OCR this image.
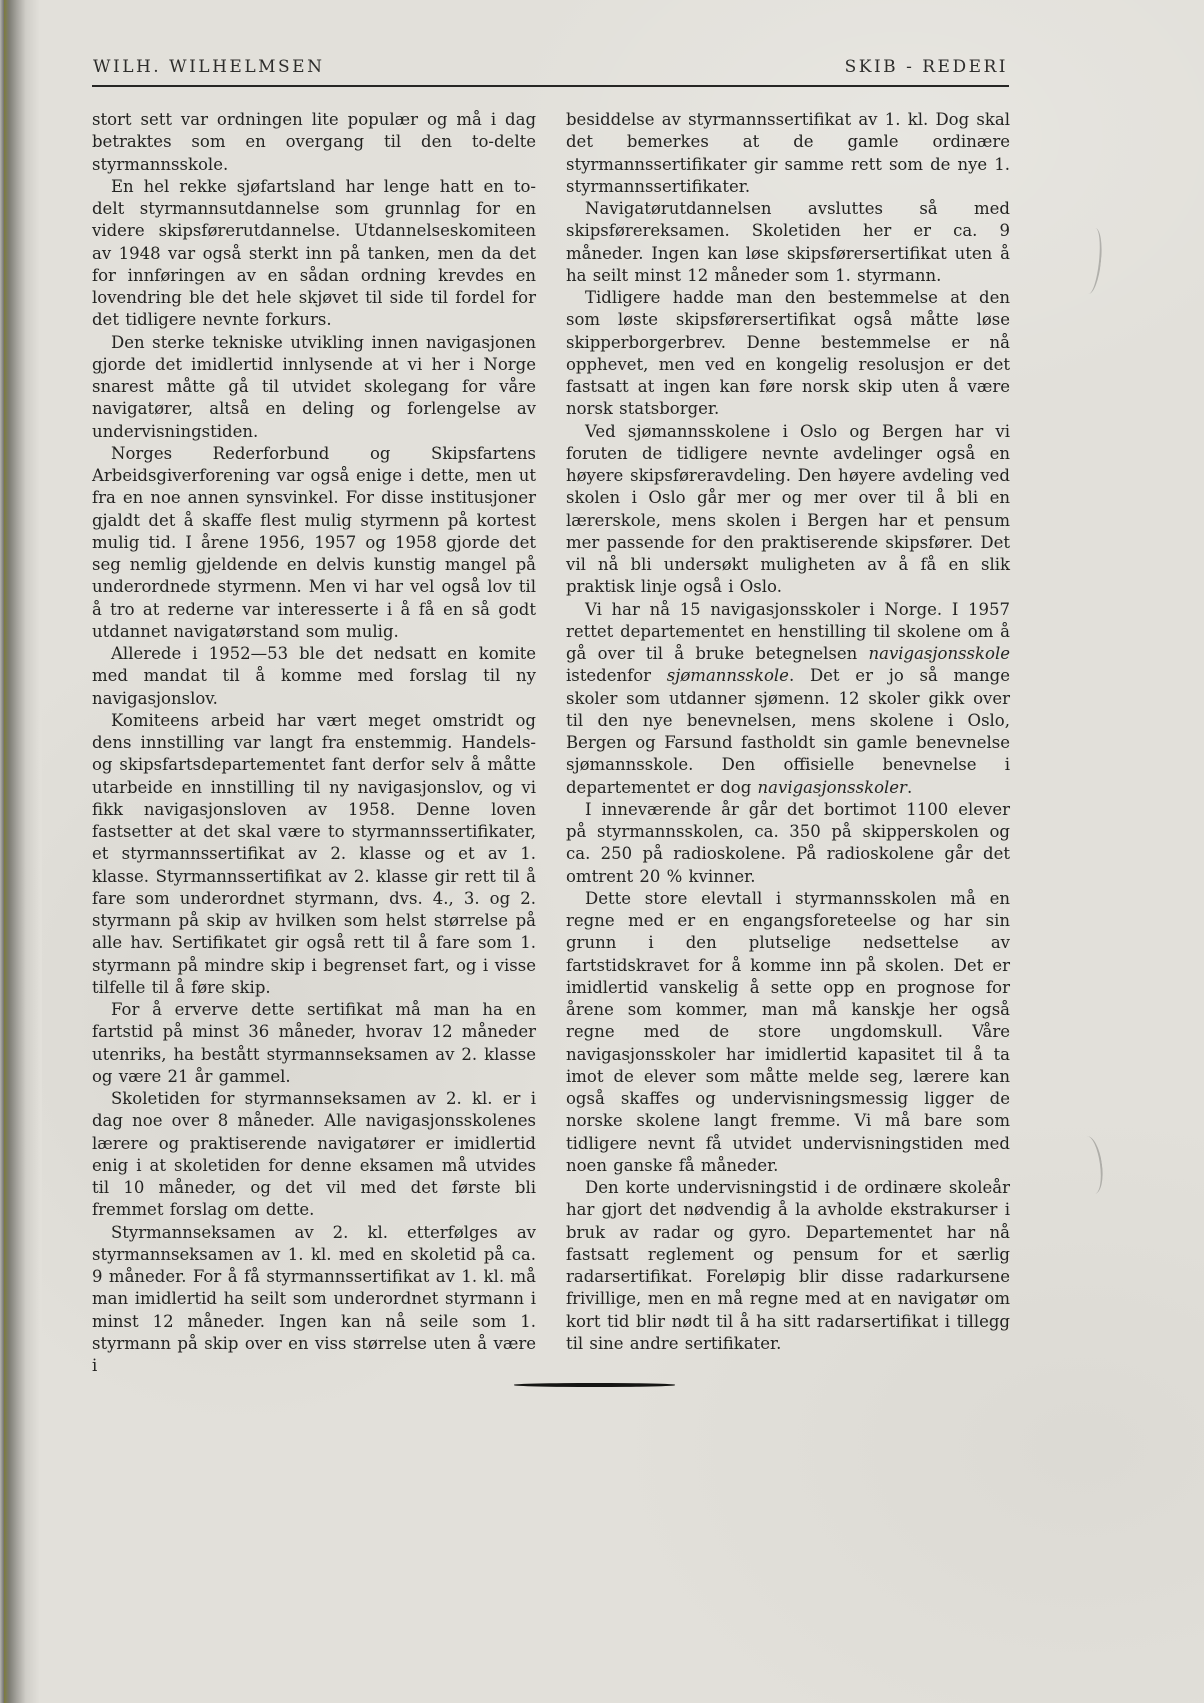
WILH. WILHELMSEN	SKIB - REDERI

stort sett var ordningen lite populær og må i dag betraktes som en overgang til den to-delte styrmannsskole.

En hel rekke sjøfartsland har lenge hatt en to-delt styrmannsutdannelse som grunnlag for en videre skipsførerutdannelse. Utdannelseskomiteen av 1948 var også sterkt inn på tanken, men da det for innføringen av en sådan ordning krevdes en lovendring ble det hele skjøvet til side til fordel for det tidligere nevnte forkurs.

Den sterke tekniske utvikling innen navigasjonen gjorde det imidlertid innlysende at vi her i Norge snarest måtte gå til utvidet skolegang for våre navigatører, altså en deling og forlengelse av undervisningstiden.

Norges Rederforbund og Skipsfartens Arbeidsgiverforening var også enige i dette, men ut fra en noe annen synsvinkel. For disse institusjoner gjaldt det å skaffe flest mulig styrmenn på kortest mulig tid. I årene 1956, 1957 og 1958 gjorde det seg nemlig gjeldende en delvis kunstig mangel på underordnede styrmenn. Men vi har vel også lov til å tro at rederne var interesserte i å få en så godt utdannet navigatørstand som mulig.

Allerede i 1952—53 ble det nedsatt en komite med mandat til å komme med forslag til ny navigasjonslov.

Komiteens arbeid har vært meget omstridt og dens innstilling var langt fra enstemmig. Handels- og skipsfartsdepartementet fant derfor selv å måtte utarbeide en innstilling til ny navigasjonslov, og vi fikk navigasjonsloven av 1958. Denne loven fastsetter at det skal være to styrmannssertifikater, et styrmannssertifikat av 2. klasse og et av 1. klasse. Styrmannssertifikat av 2. klasse gir rett til å fare som underordnet styrmann, dvs. 4., 3. og 2. styrmann på skip av hvilken som helst størrelse på alle hav. Sertifikatet gir også rett til å fare som 1. styrmann på mindre skip i begrenset fart, og i visse tilfelle til å føre skip.

For å erverve dette sertifikat må man ha en fartstid på minst 36 måneder, hvorav 12 måneder utenriks, ha bestått styrmannseksamen av 2. klasse og være 21 år gammel.

Skoletiden for styrmannseksamen av 2. kl. er i dag noe over 8 måneder. Alle navigasjonsskolenes lærere og praktiserende navigatører er imidlertid enig i at skoletiden for denne eksamen må utvides til 10 måneder, og det vil med det første bli fremmet forslag om dette.

Styrmannseksamen av 2. kl. etterfølges av styrmannseksamen av 1. kl. med en skoletid på ca. 9 måneder. For å få styrmannssertifikat av 1. kl. må man imidlertid ha seilt som underordnet styrmann i minst 12 måneder. Ingen kan nå seile som 1. styrmann på skip over en viss størrelse uten å være i

besiddelse av styrmannssertifikat av 1. kl. Dog skal det bemerkes at de gamle ordinære styrmannssertifikater gir samme rett som de nye 1. styrmannssertifikater.

Navigatørutdannelsen avsluttes så med skipsførereksamen. Skoletiden her er ca. 9 måneder. Ingen kan løse skipsførersertifikat uten å ha seilt minst 12 måneder som 1. styrmann.

Tidligere hadde man den bestemmelse at den som løste skipsførersertifikat også måtte løse skipperborgerbrev. Denne bestemmelse er nå opphevet, men ved en kongelig resolusjon er det fastsatt at ingen kan føre norsk skip uten å være norsk statsborger.

Ved sjømannsskolene i Oslo og Bergen har vi foruten de tidligere nevnte avdelinger også en høyere skipsføreravdeling. Den høyere avdeling ved skolen i Oslo går mer og mer over til å bli en lærerskole, mens skolen i Bergen har et pensum mer passende for den praktiserende skipsfører. Det vil nå bli undersøkt muligheten av å få en slik praktisk linje også i Oslo.

Vi har nå 15 navigasjonsskoler i Norge. I 1957 rettet departementet en henstilling til skolene om å gå over til å bruke betegnelsen navigasjonsskole istedenfor sjømannsskole. Det er jo så mange skoler som utdanner sjømenn. 12 skoler gikk over til den nye benevnelsen, mens skolene i Oslo, Bergen og Farsund fastholdt sin gamle benevnelse sjømannsskole. Den offisielle benevnelse i departementet er dog navigasjonsskoler.

I inneværende år går det bortimot 1100 elever på styrmannsskolen, ca. 350 på skipperskolen og ca. 250 på radioskolene. På radioskolene går det omtrent 20 % kvinner.

Dette store elevtall i styrmannsskolen må en regne med er en engangsforeteelse og har sin grunn i den plutselige nedsettelse av fartstidskravet for å komme inn på skolen. Det er imidlertid vanskelig å sette opp en prognose for årene som kommer, man må kanskje her også regne med de store ungdomskull. Våre navigasjonsskoler har imidlertid kapasitet til å ta imot de elever som måtte melde seg, lærere kan også skaffes og undervisningsmessig ligger de norske skolene langt fremme. Vi må bare som tidligere nevnt få utvidet undervisningstiden med noen ganske få måneder.

Den korte undervisningstid i de ordinære skoleår har gjort det nødvendig å la avholde ekstrakurser i bruk av radar og gyro. Departementet har nå fastsatt reglement og pensum for et særlig radarsertifikat. Foreløpig blir disse radarkursene frivillige, men en må regne med at en navigatør om kort tid blir nødt til å ha sitt radarsertifikat i tillegg til sine andre sertifikater.
